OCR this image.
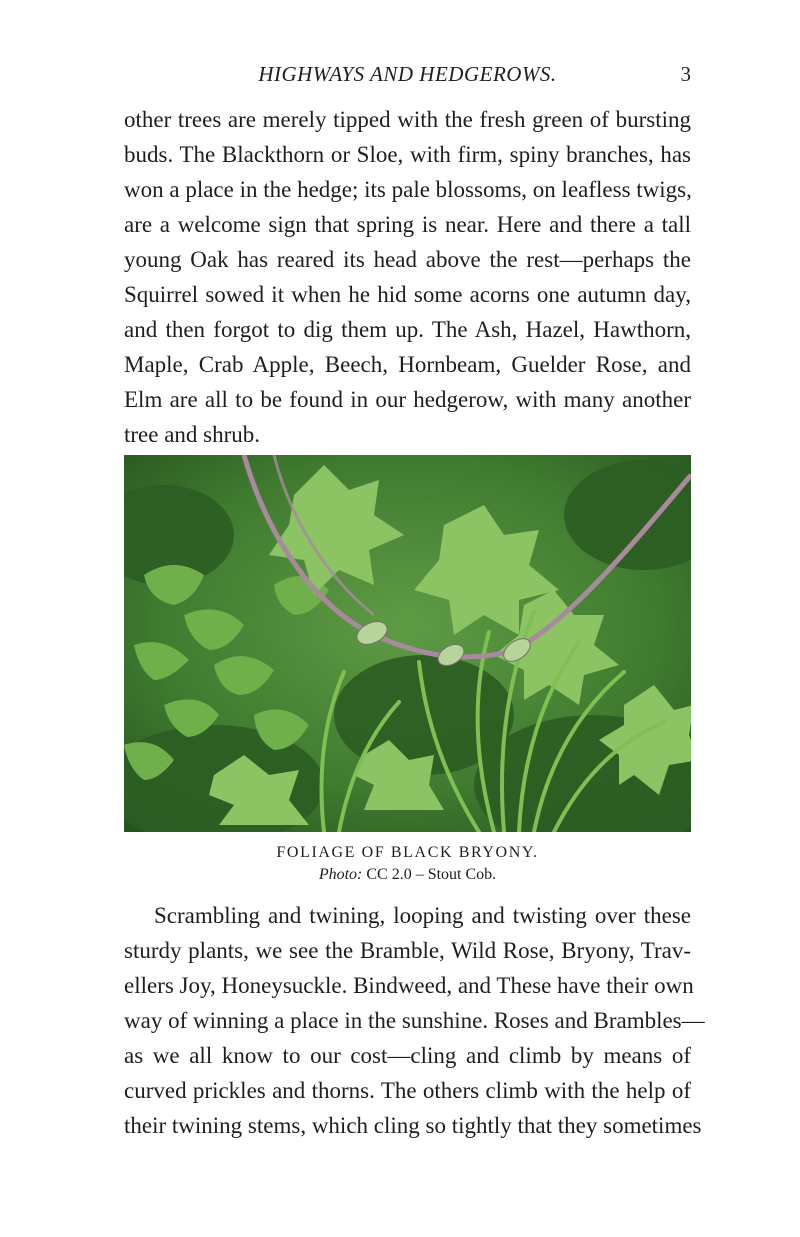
HIGHWAYS AND HEDGEROWS.	3

other trees are merely tipped with the fresh green of bursting
buds. The Blackthorn or Sloe, with firm, spiny branches, has
won a place in the hedge; its pale blossoms, on leafless twigs,
are a welcome sign that spring is near. Here and there a tall
young Oak has reared its head above the rest—perhaps the
Squirrel sowed it when he hid some acorns one autumn day,
and then forgot to dig them up. The Ash, Hazel, Hawthorn,
Maple, Crab Apple, Beech, Hornbeam, Guelder Rose, and
Elm are all to be found in our hedgerow, with many another
tree and shrub.

FOLIAGE OF BLACK BRYONY.
Photo: CC 2.0 – Stout Cob.

Scrambling and twining, looping and twisting over these
sturdy plants, we see the Bramble, Wild Rose, Bryony, Trav-
ellers Joy, Honeysuckle. Bindweed, and These have their own
way of winning a place in the sunshine. Roses and Brambles—
as we all know to our cost—cling and climb by means of
curved prickles and thorns. The others climb with the help of
their twining stems, which cling so tightly that they sometimes
